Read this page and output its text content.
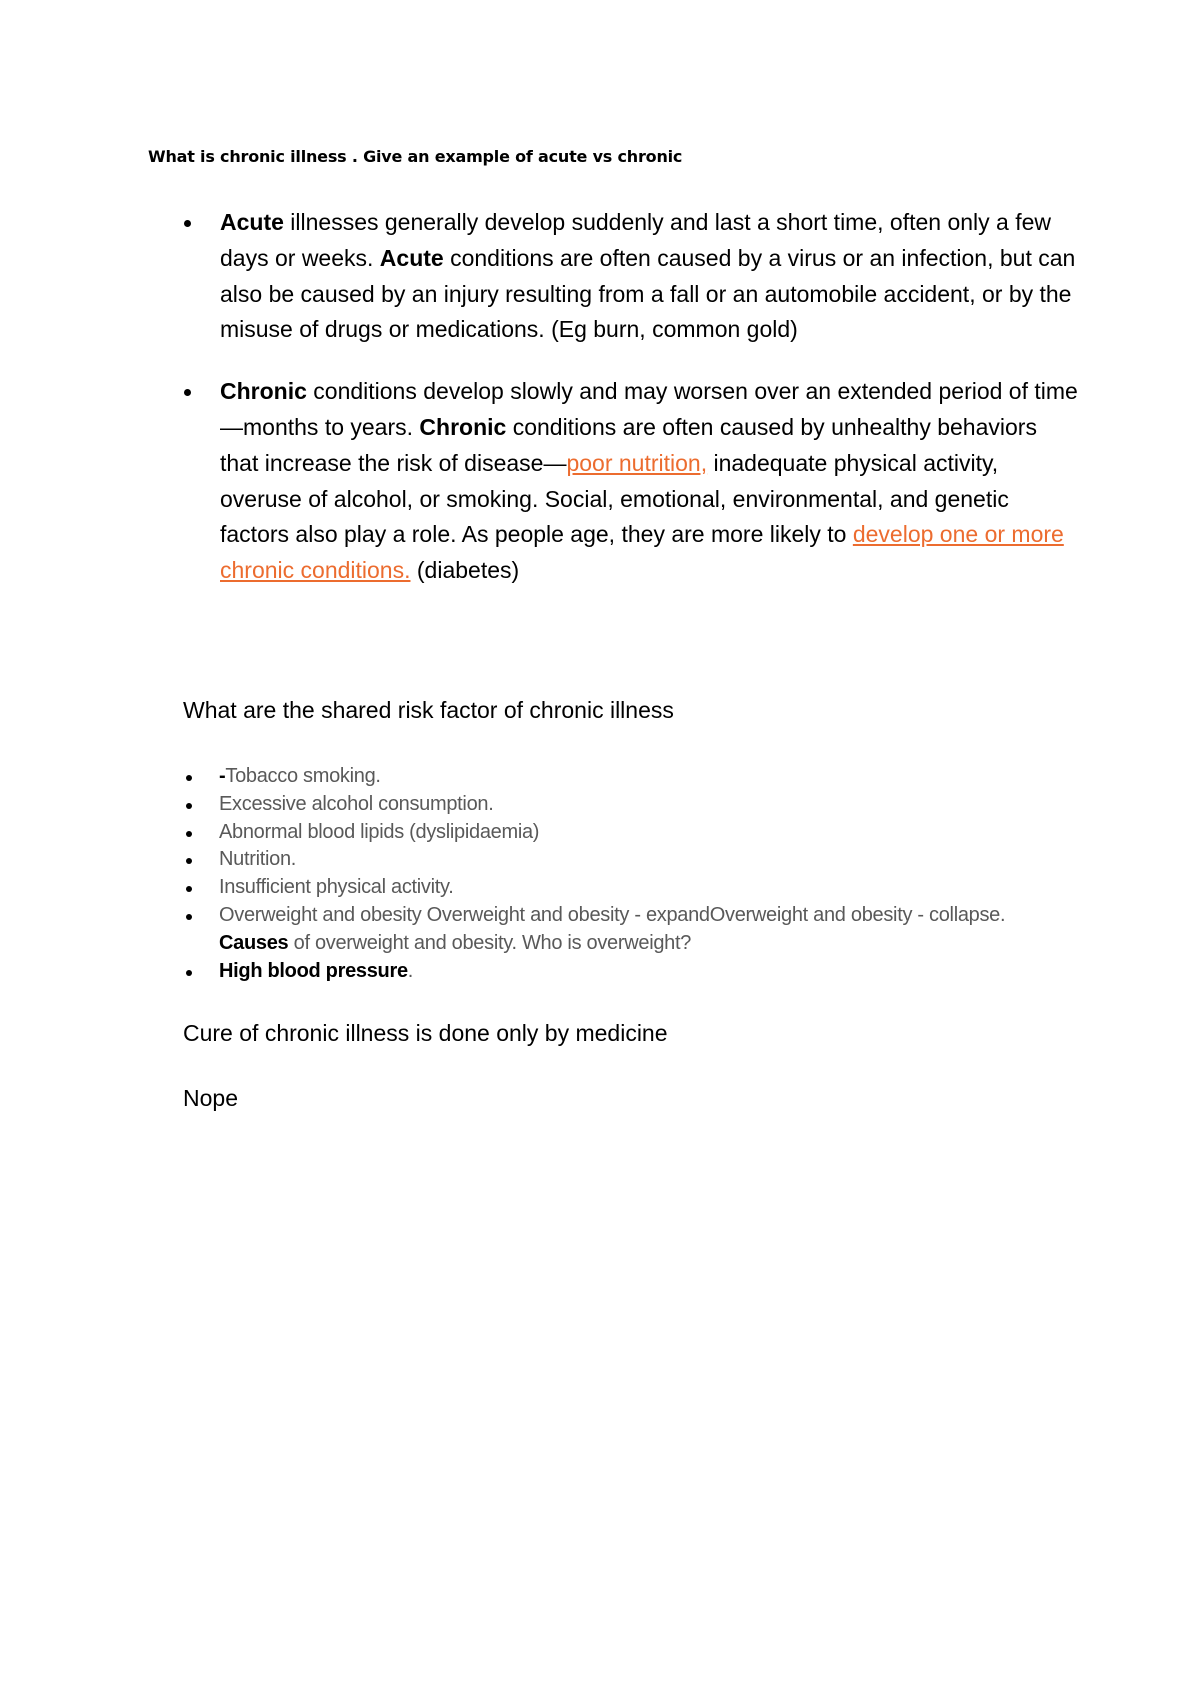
What is chronic illness . Give an example of acute vs chronic

Acute illnesses generally develop suddenly and last a short time, often only a few days or weeks. Acute conditions are often caused by a virus or an infection, but can also be caused by an injury resulting from a fall or an automobile accident, or by the misuse of drugs or medications. (Eg burn, common gold)
Chronic conditions develop slowly and may worsen over an extended period of time—months to years. Chronic conditions are often caused by unhealthy behaviors that increase the risk of disease—poor nutrition, inadequate physical activity, overuse of alcohol, or smoking. Social, emotional, environmental, and genetic factors also play a role. As people age, they are more likely to develop one or more chronic conditions. (diabetes)

What are the shared risk factor of chronic illness

-Tobacco smoking.
Excessive alcohol consumption.
Abnormal blood lipids (dyslipidaemia)
Nutrition.
Insufficient physical activity.
Overweight and obesity Overweight and obesity - expandOverweight and obesity - collapse. Causes of overweight and obesity. Who is overweight?
High blood pressure.

Cure of chronic illness is done only by medicine

Nope
